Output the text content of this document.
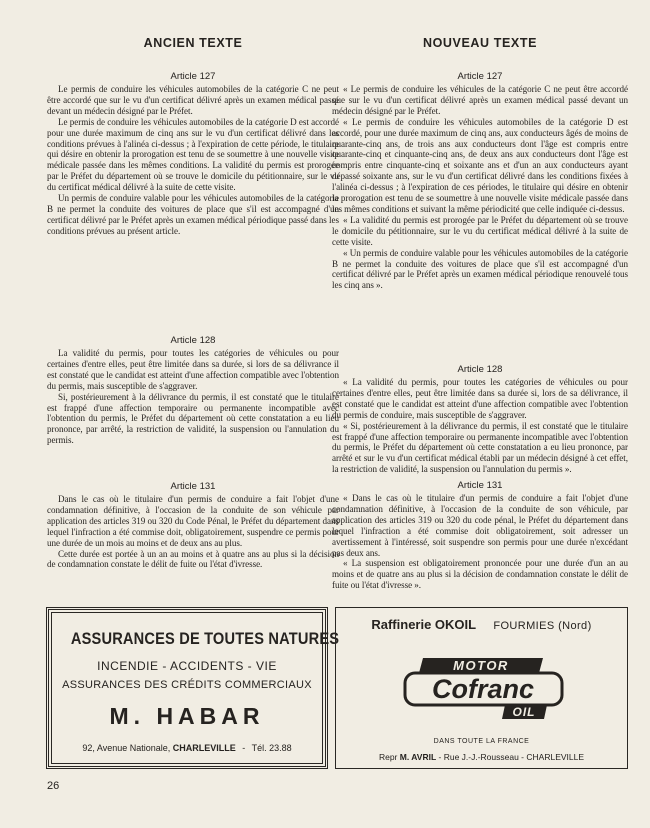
ANCIEN TEXTE
Article 127

Le permis de conduire les véhicules automobiles de la catégorie C ne peut être accordé que sur le vu d'un certificat délivré après un examen médical passé devant un médecin désigné par le Préfet.

Le permis de conduire les véhicules automobiles de la catégorie D est accordé pour une durée maximum de cinq ans sur le vu d'un certificat délivré dans les conditions prévues à l'alinéa ci-dessus ; à l'expiration de cette période, le titulaire qui désire en obtenir la prorogation est tenu de se soumettre à une nouvelle visite médicale passée dans les mêmes conditions. La validité du permis est prorogée par le Préfet du département où se trouve le domicile du pétitionnaire, sur le vu du certificat médical délivré à la suite de cette visite.

Un permis de conduire valable pour les véhicules automobiles de la catégorie B ne permet la conduite des voitures de place que s'il est accompagné d'un certificat délivré par le Préfet après un examen médical périodique passé dans les conditions prévues au présent article.

Article 128

La validité du permis, pour toutes les catégories de véhicules ou pour certaines d'entre elles, peut être limitée dans sa durée, si lors de sa délivrance il est constaté que le candidat est atteint d'une affection compatible avec l'obtention du permis, mais susceptible de s'aggraver.

Si, postérieurement à la délivrance du permis, il est constaté que le titulaire est frappé d'une affection temporaire ou permanente incompatible avec l'obtention du permis, le Préfet du département où cette constatation a eu lieu prononce, par arrêté, la restriction de validité, la suspension ou l'annulation du permis.

Article 131

Dans le cas où le titulaire d'un permis de conduire a fait l'objet d'une condamnation définitive, à l'occasion de la conduite de son véhicule par application des articles 319 ou 320 du Code Pénal, le Préfet du département dans lequel l'infraction a été commise doit, obligatoirement, suspendre ce permis pour une durée de un mois au moins et de deux ans au plus.

Cette durée est portée à un an au moins et à quatre ans au plus si la décision de condamnation constate le délit de fuite ou l'état d'ivresse.

NOUVEAU TEXTE
Article 127

« Le permis de conduire les véhicules de la catégorie C ne peut être accordé que sur le vu d'un certificat délivré après un examen médical passé devant un médecin désigné par le Préfet.

« Le permis de conduire les véhicules automobiles de la catégorie D est accordé, pour une durée maximum de cinq ans, aux conducteurs âgés de moins de quarante-cinq ans, de trois ans aux conducteurs dont l'âge est compris entre quarante-cinq et cinquante-cinq ans, de deux ans aux conducteurs dont l'âge est compris entre cinquante-cinq et soixante ans et d'un an aux conducteurs ayant dépassé soixante ans, sur le vu d'un certificat délivré dans les conditions fixées à l'alinéa ci-dessus ; à l'expiration de ces périodes, le titulaire qui désire en obtenir la prorogation est tenu de se soumettre à une nouvelle visite médicale passée dans les mêmes conditions et suivant la même périodicité que celle indiquée ci-dessus.

« La validité du permis est prorogée par le Préfet du département où se trouve le domicile du pétitionnaire, sur le vu du certificat médical délivré à la suite de cette visite.

« Un permis de conduire valable pour les véhicules automobiles de la catégorie B ne permet la conduite des voitures de place que s'il est accompagné d'un certificat délivré par le Préfet après un examen médical périodique renouvelé tous les cinq ans ».

Article 128

« La validité du permis, pour toutes les catégories de véhicules ou pour certaines d'entre elles, peut être limitée dans sa durée si, lors de sa délivrance, il est constaté que le candidat est atteint d'une affection compatible avec l'obtention du permis de conduire, mais susceptible de s'aggraver.

« Si, postérieurement à la délivrance du permis, il est constaté que le titulaire est frappé d'une affection temporaire ou permanente incompatible avec l'obtention du permis, le Préfet du département où cette constatation a eu lieu prononce, par arrêté et sur le vu d'un certificat médical établi par un médecin désigné à cet effet, la restriction de validité, la suspension ou l'annulation du permis ».

Article 131

« Dans le cas où le titulaire d'un permis de conduire a fait l'objet d'une condamnation définitive, à l'occasion de la conduite de son véhicule, par application des articles 319 ou 320 du code pénal, le Préfet du département dans lequel l'infraction a été commise doit obligatoirement, soit adresser un avertissement à l'intéressé, soit suspendre son permis pour une durée n'excédant pas deux ans.

« La suspension est obligatoirement prononcée pour une durée d'un an au moins et de quatre ans au plus si la décision de condamnation constate le délit de fuite ou l'état d'ivresse ».

ASSURANCES DE TOUTES NATURES
INCENDIE - ACCIDENTS - VIE
ASSURANCES DES CRÉDITS COMMERCIAUX
M. HABAR
92, Avenue Nationale, CHARLEVILLE - Tél. 23.88
Raffinerie OKOIL FOURMIES (Nord)
MOTOR
Cofranc
OIL
DANS TOUTE LA FRANCE
Repr M. AVRIL - Rue J.-J.-Rousseau - CHARLEVILLE
26
